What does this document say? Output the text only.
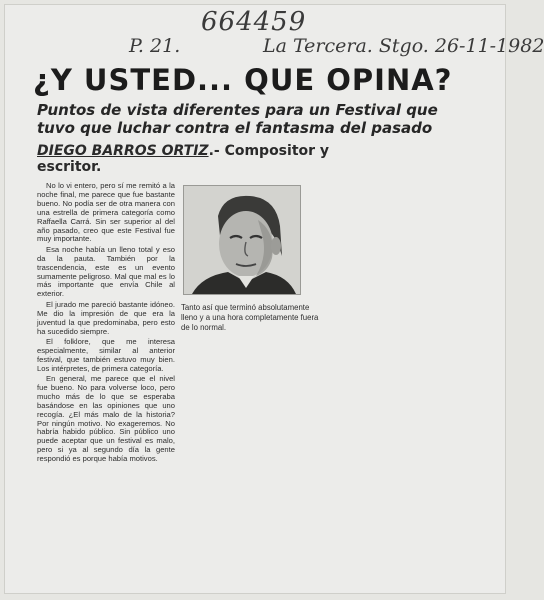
664459
P. 21.	La Tercera. Stgo. 26-11-1982
¿Y USTED... QUE OPINA?
Puntos de vista diferentes para un Festival que tuvo que luchar contra el fantasma del pasado
DIEGO BARROS ORTIZ.- Compositor y escritor.

No lo vi entero, pero sí me remitó a la noche final, me parece que fue bastante bueno. No podía ser de otra manera con una estrella de primera categoría como Raffaella Carrá. Sin ser superior al del año pasado, creo que este Festival fue muy importante.

Esa noche había un lleno total y eso da la pauta. También por la trascendencia, este es un evento sumamente peligroso. Mal que mal es lo más importante que envía Chile al exterior.

El jurado me pareció bastante idóneo. Me dio la impresión de que era la juventud la que predominaba, pero esto ha sucedido siempre.

El folklore, que me interesa especialmente, similar al anterior festival, que también estuvo muy bien. Los intérpretes, de primera categoría.

En general, me parece que el nivel fue bueno. No para volverse loco, pero mucho más de lo que se esperaba basándose en las opiniones que uno recogía. ¿El más malo de la historia? Por ningún motivo. No exageremos. No habría habido público. Sin público uno puede aceptar que un festival es malo, pero si ya al segundo día la gente respondió es porque había motivos.

Tanto así que terminó absolutamente lleno y a una hora completamente fuera de lo normal.
